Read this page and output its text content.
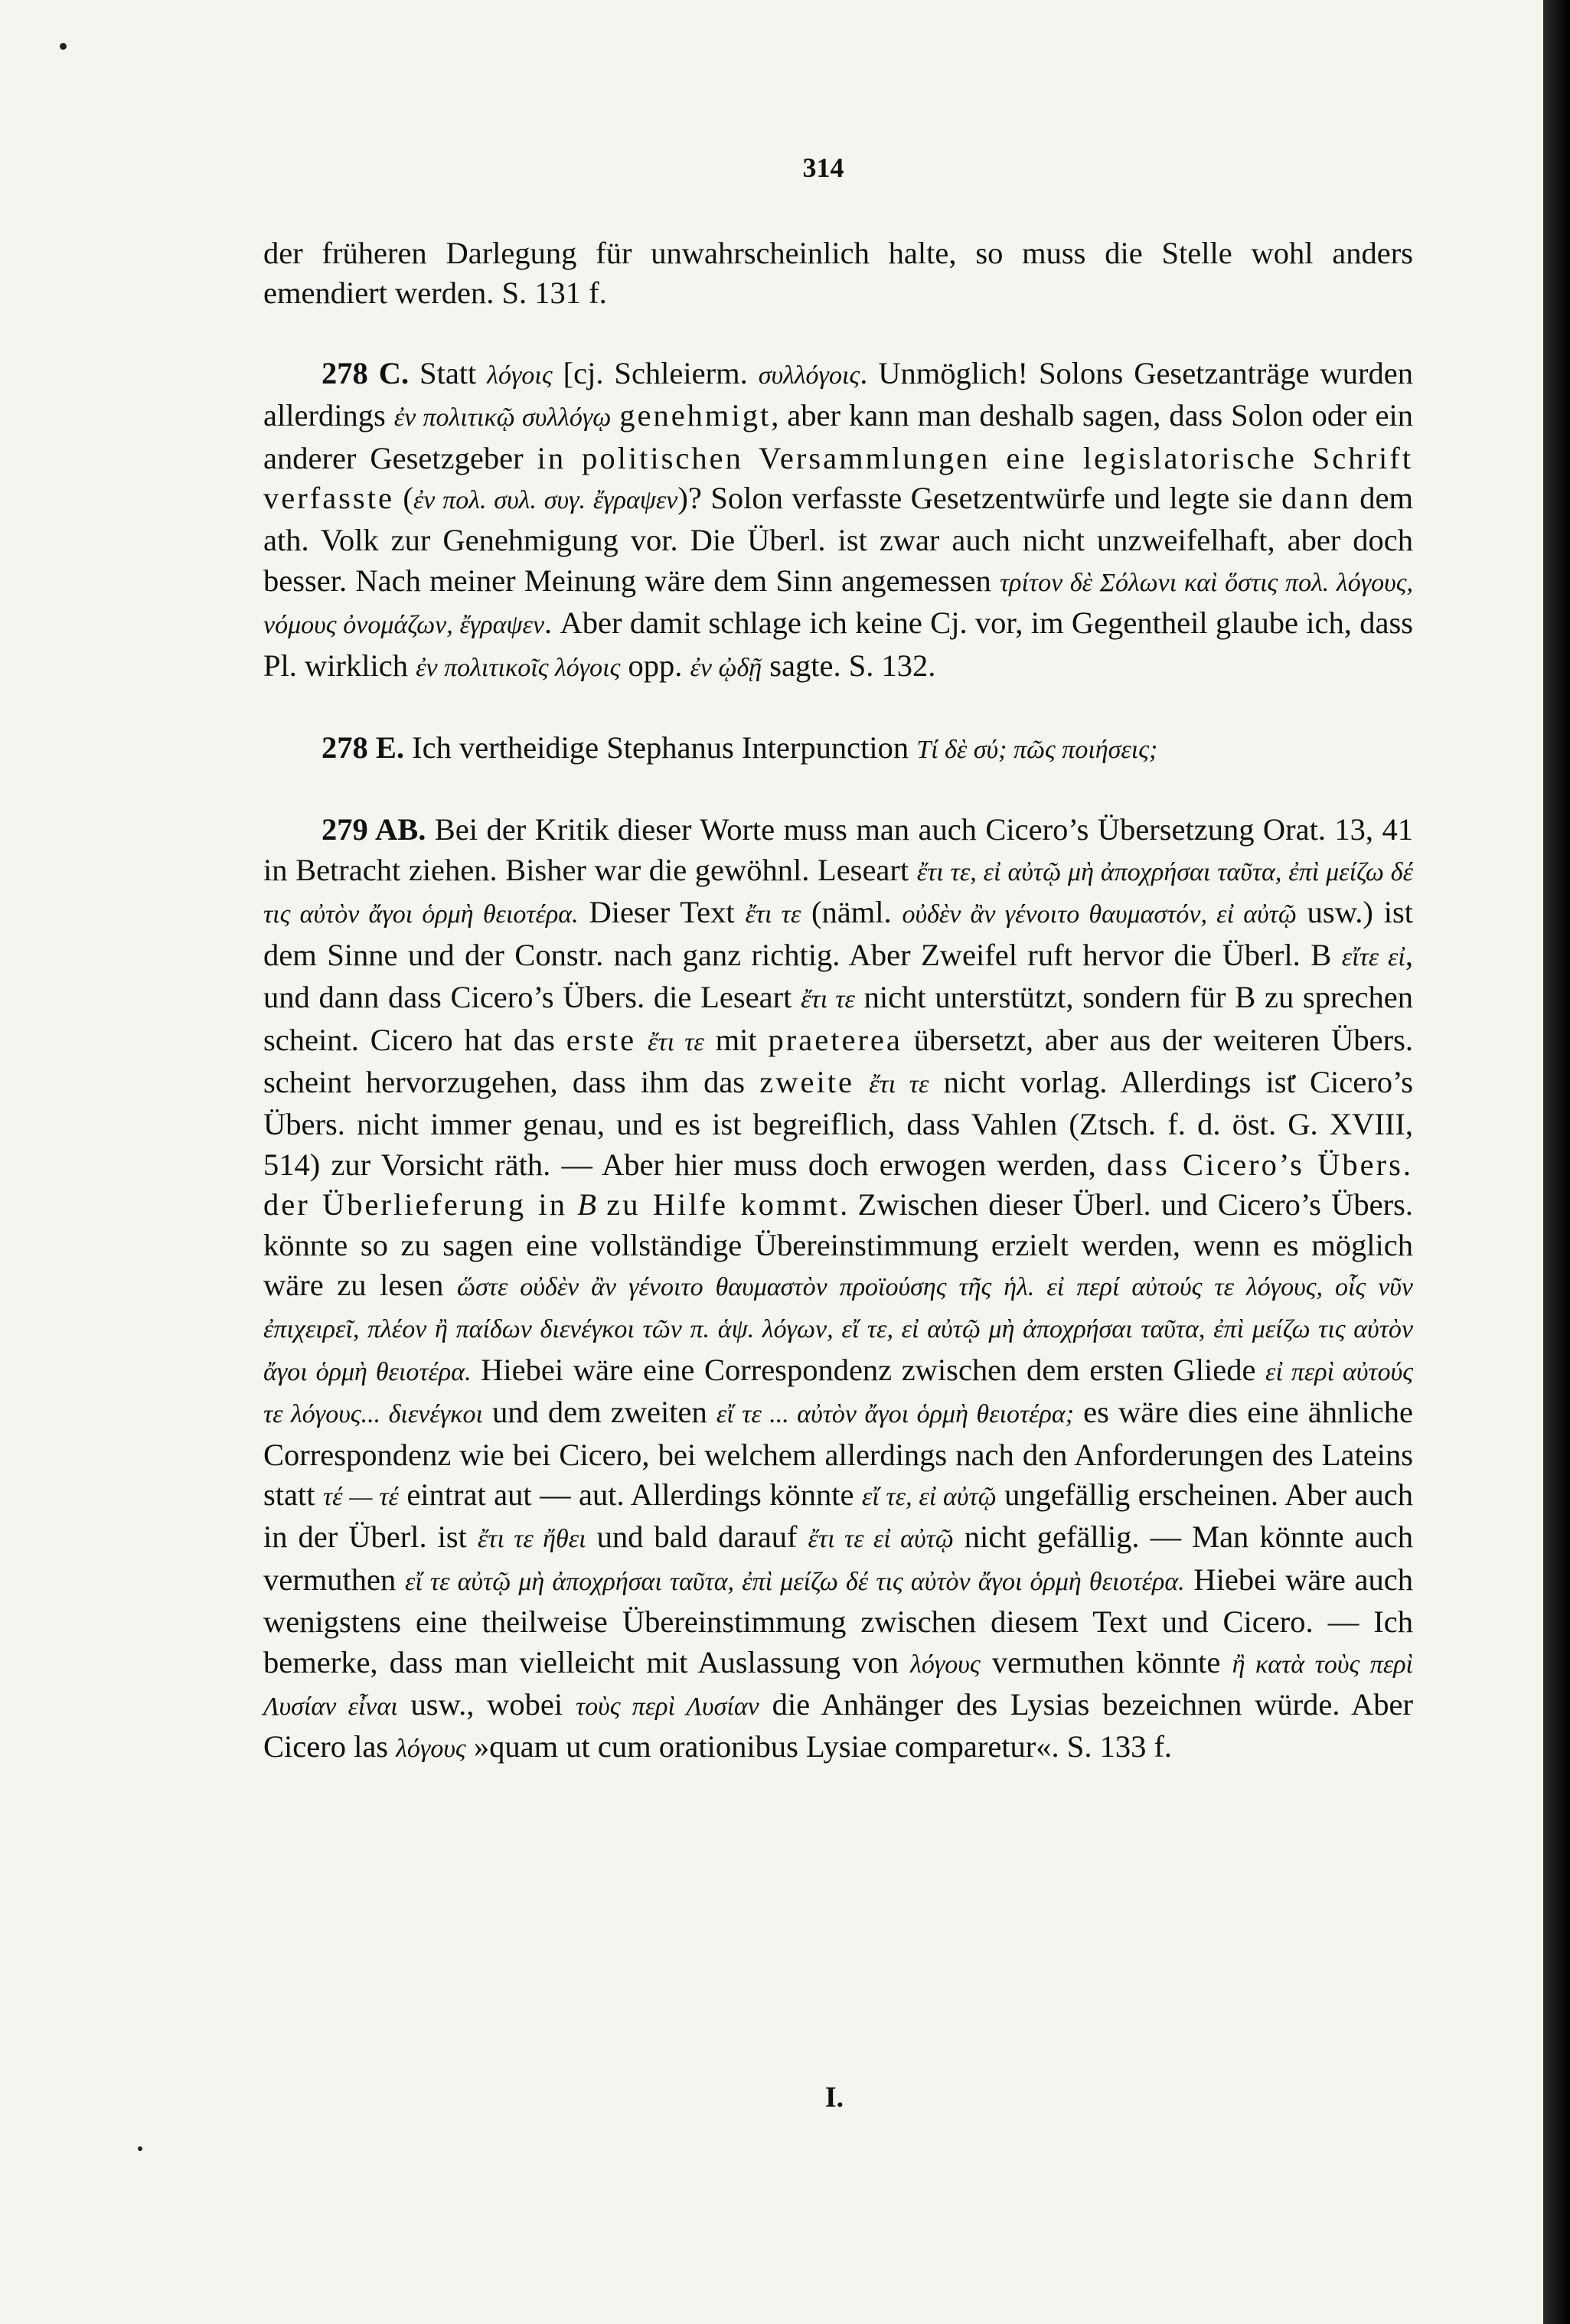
314

der früheren Darlegung für unwahrscheinlich halte, so muss die Stelle wohl anders emendiert werden. S. 131 f.

278 C. Statt λόγοις [cj. Schleierm. συλλόγοις. Unmöglich! Solons Gesetzanträge wurden allerdings ἐν πολιτικῷ συλλόγῳ genehmigt, aber kann man deshalb sagen, dass Solon oder ein anderer Gesetzgeber in politischen Versammlungen eine legislatorische Schrift verfasste (ἐν πολ. συλ. συγ. ἔγραψεν)? Solon verfasste Gesetzentwürfe und legte sie dann dem ath. Volk zur Genehmigung vor. Die Überl. ist zwar auch nicht unzweifelhaft, aber doch besser. Nach meiner Meinung wäre dem Sinn angemessen τρίτον δὲ Σόλωνι καὶ ὅστις πολ. λόγους, νόμους ὀνομάζων, ἔγραψεν. Aber damit schlage ich keine Cj. vor, im Gegentheil glaube ich, dass Pl. wirklich ἐν πολιτικοῖς λόγοις opp. ἐν ᾠδῇ sagte. S. 132.

278 E. Ich vertheidige Stephanus Interpunction Τί δὲ σύ; πῶς ποιήσεις;

279 AB. Bei der Kritik dieser Worte muss man auch Cicero’s Übersetzung Orat. 13, 41 in Betracht ziehen. Bisher war die gewöhnl. Leseart ἔτι τε, εἰ αὐτῷ μὴ ἀποχρήσαι ταῦτα, ἐπὶ μείζω δέ τις αὐτὸν ἄγοι ὁρμὴ θειοτέρα. Dieser Text ἔτι τε (näml. οὐδὲν ἂν γένοιτο θαυμαστόν, εἰ αὐτῷ usw.) ist dem Sinne und der Constr. nach ganz richtig. Aber Zweifel ruft hervor die Überl. B εἴτε εἰ, und dann dass Cicero’s Übers. die Leseart ἔτι τε nicht unterstützt, sondern für B zu sprechen scheint. Cicero hat das erste ἔτι τε mit praeterea übersetzt, aber aus der weiteren Übers. scheint hervorzugehen, dass ihm das zweite ἔτι τε nicht vorlag. Allerdings ist Cicero’s Übers. nicht immer genau, und es ist begreiflich, dass Vahlen (Ztsch. f. d. öst. G. XVIII, 514) zur Vorsicht räth. — Aber hier muss doch erwogen werden, dass Cicero’s Übers. der Überlieferung in B zu Hilfe kommt. Zwischen dieser Überl. und Cicero’s Übers. könnte so zu sagen eine vollständige Übereinstimmung erzielt werden, wenn es möglich wäre zu lesen ὥστε οὐδὲν ἂν γένοιτο θαυμαστὸν προϊούσης τῆς ἡλ. εἰ περί αὐτούς τε λόγους, οἷς νῦν ἐπιχειρεῖ, πλέον ἢ παίδων διενέγκοι τῶν π. ἁψ. λόγων, εἴ τε, εἰ αὐτῷ μὴ ἀποχρήσαι ταῦτα, ἐπὶ μείζω τις αὐτὸν ἄγοι ὁρμὴ θειοτέρα. Hiebei wäre eine Correspondenz zwischen dem ersten Gliede εἰ περὶ αὐτούς τε λόγους... διενέγκοι und dem zweiten εἴ τε ... αὐτὸν ἄγοι ὁρμὴ θειοτέρα; es wäre dies eine ähnliche Correspondenz wie bei Cicero, bei welchem allerdings nach den Anforderungen des Lateins statt τέ — τέ eintrat aut — aut. Allerdings könnte εἴ τε, εἰ αὐτῷ ungefällig erscheinen. Aber auch in der Überl. ist ἔτι τε ἤθει und bald darauf ἔτι τε εἰ αὐτῷ nicht gefällig. — Man könnte auch vermuthen εἴ τε αὐτῷ μὴ ἀποχρήσαι ταῦτα, ἐπὶ μείζω δέ τις αὐτὸν ἄγοι ὁρμὴ θειοτέρα. Hiebei wäre auch wenigstens eine theilweise Übereinstimmung zwischen diesem Text und Cicero. — Ich bemerke, dass man vielleicht mit Auslassung von λόγους vermuthen könnte ἢ κατὰ τοὺς περὶ Λυσίαν εἶναι usw., wobei τοὺς περὶ Λυσίαν die Anhänger des Lysias bezeichnen würde. Aber Cicero las λόγους »quam ut cum orationibus Lysiae comparetur«. S. 133 f.

I.
